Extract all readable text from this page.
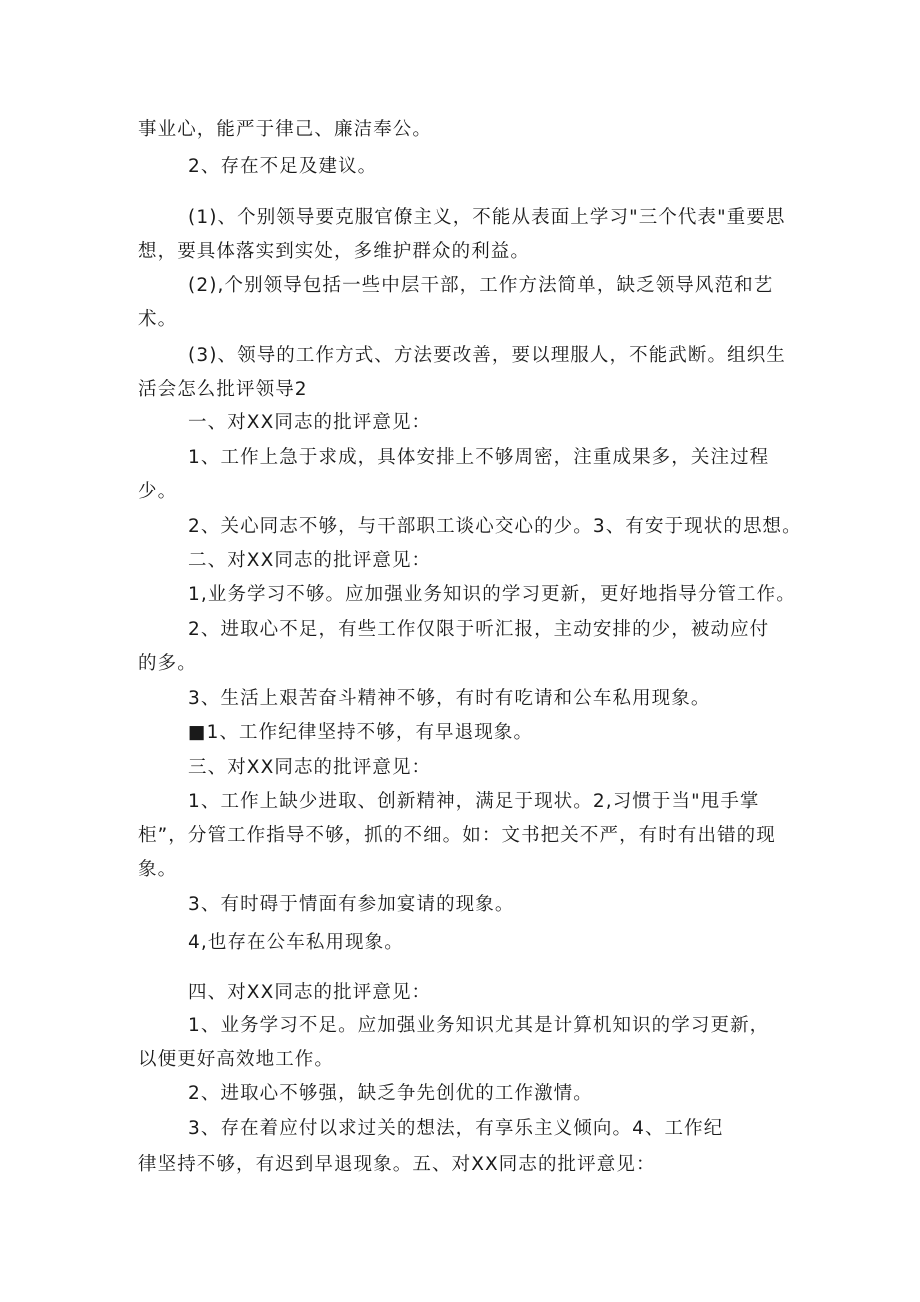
事业心，能严于律己、廉洁奉公。
2、存在不足及建议。
(1)、个别领导要克服官僚主义，不能从表面上学习"三个代表"重要思
想，要具体落实到实处，多维护群众的利益。
(2),个别领导包括一些中层干部，工作方法简单，缺乏领导风范和艺
术。
(3)、领导的工作方式、方法要改善，要以理服人，不能武断。组织生
活会怎么批评领导2
一、对XX同志的批评意见：
1、工作上急于求成，具体安排上不够周密，注重成果多，关注过程
少。
2、关心同志不够，与干部职工谈心交心的少。3、有安于现状的思想。
二、对XX同志的批评意见：
1,业务学习不够。应加强业务知识的学习更新，更好地指导分管工作。
2、进取心不足，有些工作仅限于听汇报，主动安排的少，被动应付
的多。
3、生活上艰苦奋斗精神不够，有时有吃请和公车私用现象。
■1、工作纪律坚持不够，有早退现象。
三、对XX同志的批评意见：
1、工作上缺少进取、创新精神，满足于现状。2,习惯于当"甩手掌
柜”，分管工作指导不够，抓的不细。如：文书把关不严，有时有出错的现
象。
3、有时碍于情面有参加宴请的现象。
4,也存在公车私用现象。
四、对XX同志的批评意见：
1、业务学习不足。应加强业务知识尤其是计算机知识的学习更新，
以便更好高效地工作。
2、进取心不够强，缺乏争先创优的工作激情。
3、存在着应付以求过关的想法，有享乐主义倾向。4、工作纪
律坚持不够，有迟到早退现象。五、对XX同志的批评意见：
